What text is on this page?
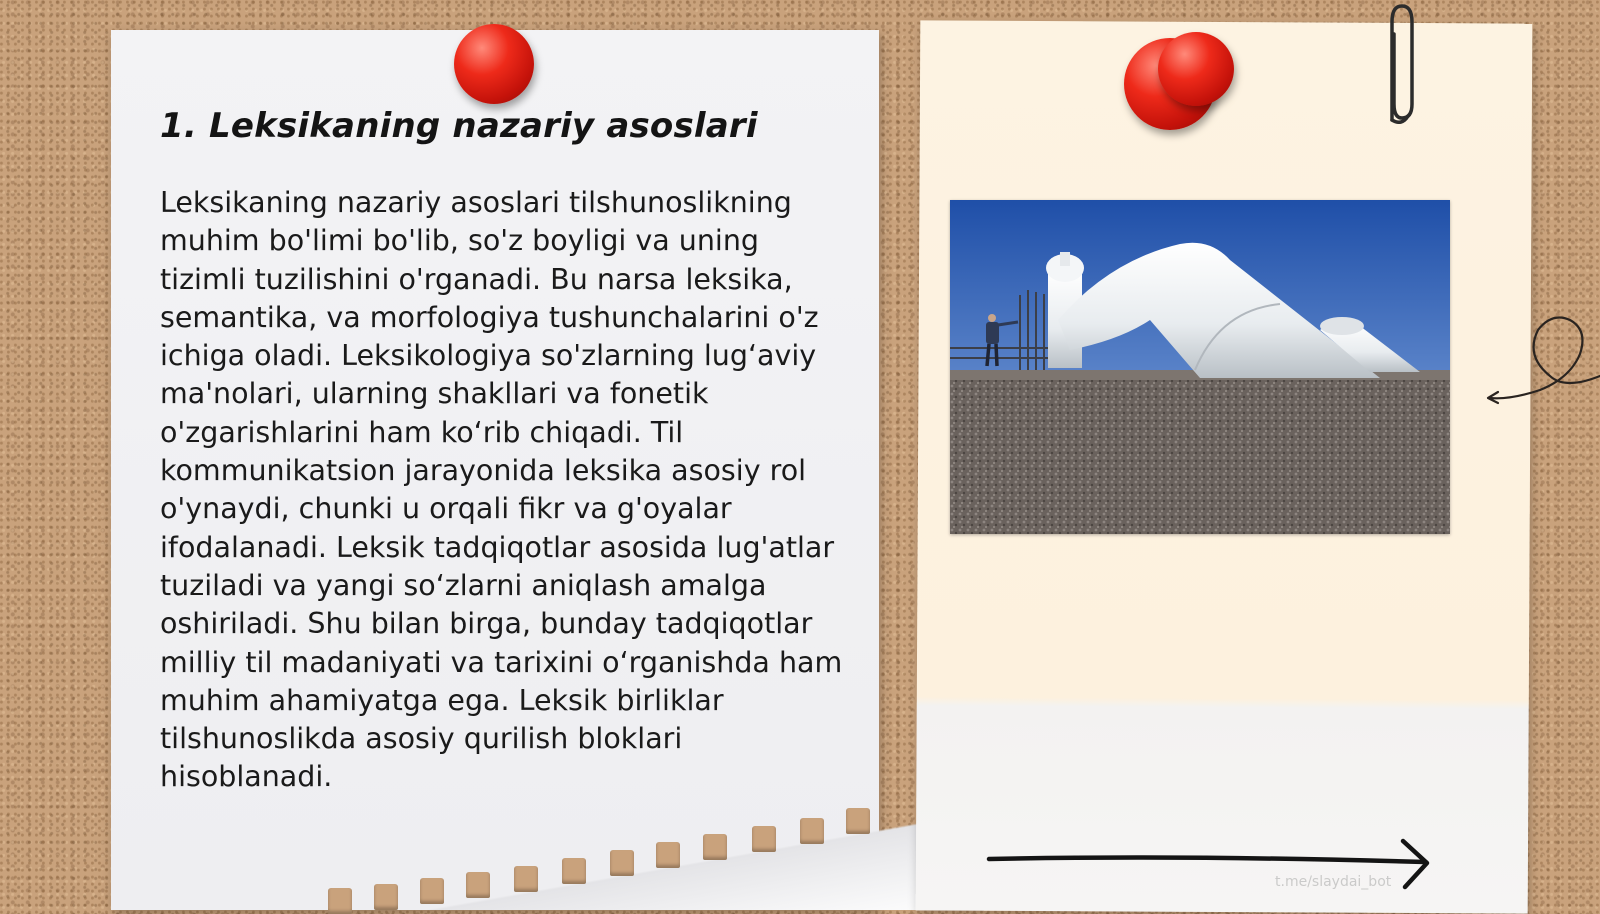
1. Leksikaning nazariy asoslari

Leksikaning nazariy asoslari tilshunoslikning muhim bo'limi bo'lib, so'z boyligi va uning tizimli tuzilishini o'rganadi. Bu narsa leksika, semantika, va morfologiya tushunchalarini o'z ichiga oladi. Leksikologiya so'zlarning lug‘aviy ma'nolari, ularning shakllari va fonetik o'zgarishlarini ham ko‘rib chiqadi. Til kommunikatsion jarayonida leksika asosiy rol o'ynaydi, chunki u orqali fikr va g'oyalar ifodalanadi. Leksik tadqiqotlar asosida lug'atlar tuziladi va yangi so‘zlarni aniqlash amalga oshiriladi. Shu bilan birga, bunday tadqiqotlar milliy til madaniyati va tarixini o‘rganishda ham muhim ahamiyatga ega. Leksik birliklar tilshunoslikda asosiy qurilish bloklari hisoblanadi.

t.me/slaydai_bot
